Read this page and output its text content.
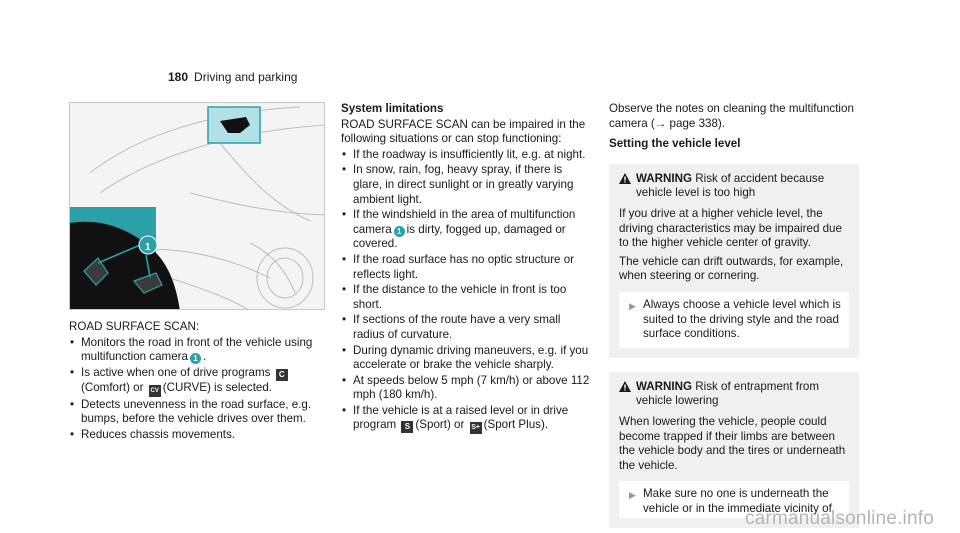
180 Driving and parking
1
ROAD SURFACE SCAN:
• Monitors the road in front of the vehicle using multifunction camera 1 .
• Is active when one of drive programs C(Comfort) or CV (CURVE) is selected.
• Detects unevenness in the road surface, e.g. bumps, before the vehicle drives over them.
• Reduces chassis movements.
System limitations
ROAD SURFACE SCAN can be impaired in the following situations or can stop functioning:
• If the roadway is insufficiently lit, e.g. at night.
• In snow, rain, fog, heavy spray, if there is glare, in direct sunlight or in greatly varying ambient light.
• If the windshield in the area of multifunction camera 1 is dirty, fogged up, damaged or covered.
• If the road surface has no optic structure or reflects light.
• If the distance to the vehicle in front is too short.
• If sections of the route have a very small radius of curvature.
• During dynamic driving maneuvers, e.g. if you accelerate or brake the vehicle sharply.
• At speeds below 5 mph (7 km/h) or above 112 mph (180 km/h).
• If the vehicle is at a raised level or in drive program S (Sport) or S+ (Sport Plus).
Observe the notes on cleaning the multifunction camera (→ page 338).
Setting the vehicle level
WARNING Risk of accident because vehicle level is too high
If you drive at a higher vehicle level, the driving characteristics may be impaired due to the higher vehicle center of gravity.
The vehicle can drift outwards, for example, when steering or cornering.
▶ Always choose a vehicle level which is suited to the driving style and the road surface conditions.
WARNING Risk of entrapment from vehicle lowering
When lowering the vehicle, people could become trapped if their limbs are between the vehicle body and the tires or underneath the vehicle.
▶ Make sure no one is underneath the vehicle or in the immediate vicinity of
carmanualsonline.info
